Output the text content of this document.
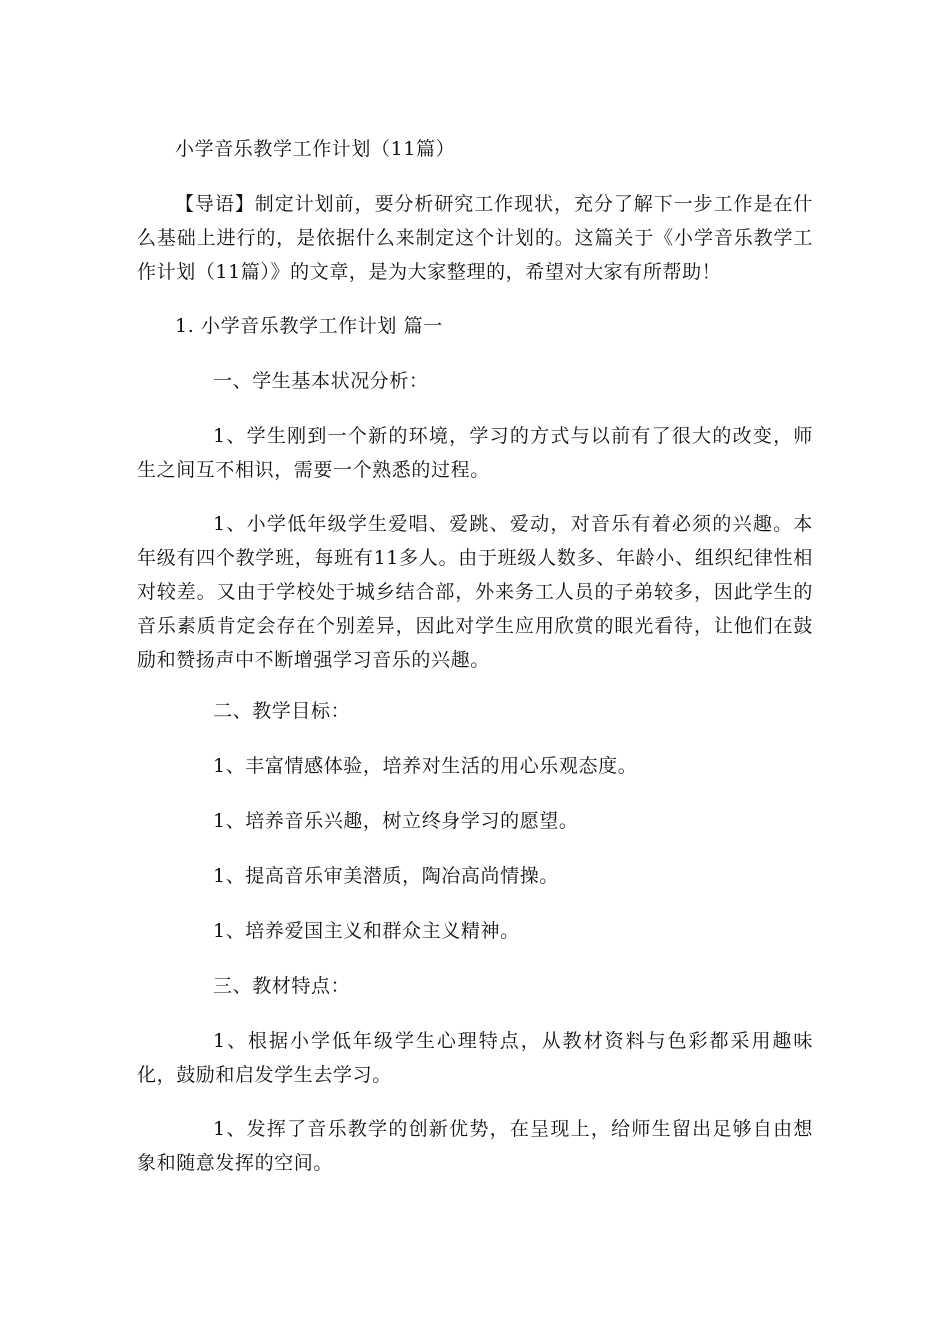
小学音乐教学工作计划（11篇）

【导语】制定计划前，要分析研究工作现状，充分了解下一步工作是在什么基础上进行的，是依据什么来制定这个计划的。这篇关于《小学音乐教学工作计划（11篇）》的文章，是为大家整理的，希望对大家有所帮助！

1. 小学音乐教学工作计划 篇一

一、学生基本状况分析：

1、学生刚到一个新的环境，学习的方式与以前有了很大的改变，师生之间互不相识，需要一个熟悉的过程。

1、小学低年级学生爱唱、爱跳、爱动，对音乐有着必须的兴趣。本年级有四个教学班，每班有11多人。由于班级人数多、年龄小、组织纪律性相对较差。又由于学校处于城乡结合部，外来务工人员的子弟较多，因此学生的音乐素质肯定会存在个别差异，因此对学生应用欣赏的眼光看待，让他们在鼓励和赞扬声中不断增强学习音乐的兴趣。

二、教学目标：

1、丰富情感体验，培养对生活的用心乐观态度。

1、培养音乐兴趣，树立终身学习的愿望。

1、提高音乐审美潜质，陶冶高尚情操。

1、培养爱国主义和群众主义精神。

三、教材特点：

1、根据小学低年级学生心理特点，从教材资料与色彩都采用趣味化，鼓励和启发学生去学习。

1、发挥了音乐教学的创新优势，在呈现上，给师生留出足够自由想象和随意发挥的空间。
